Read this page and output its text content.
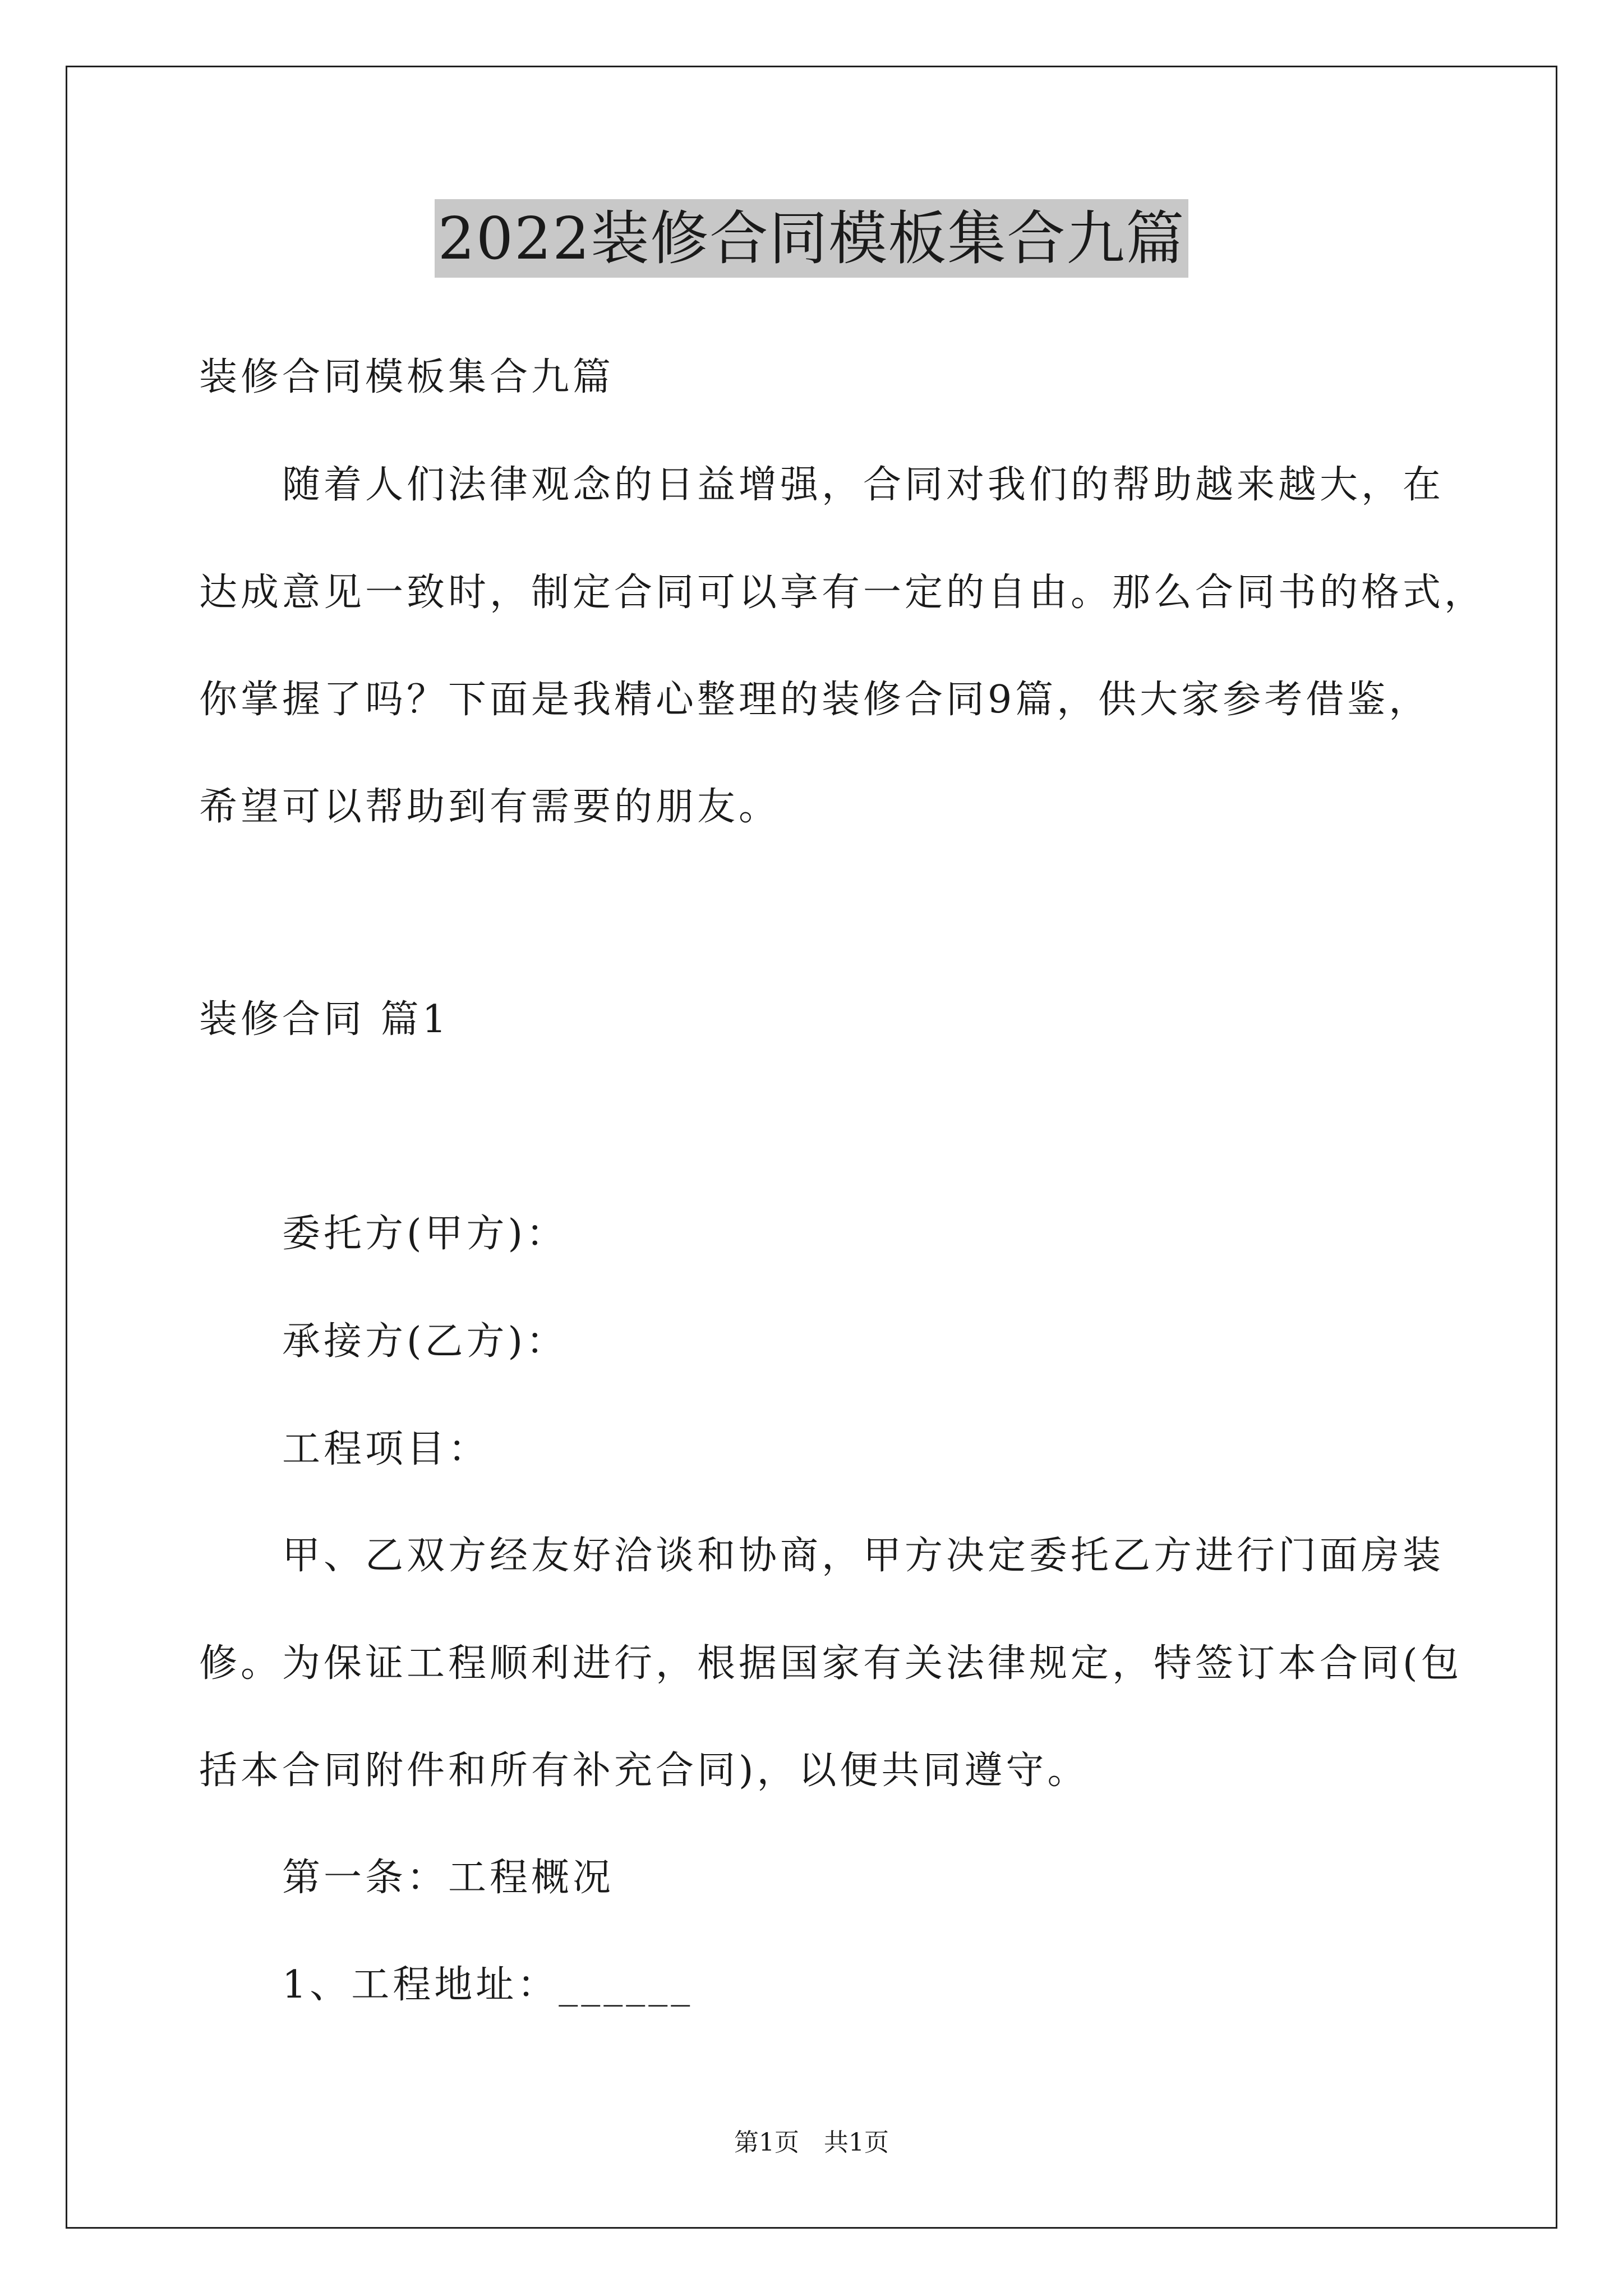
2022装修合同模板集合九篇
装修合同模板集合九篇
随着人们法律观念的日益增强，合同对我们的帮助越来越大，在
达成意见一致时，制定合同可以享有一定的自由。那么合同书的格式，
你掌握了吗？下面是我精心整理的装修合同9篇，供大家参考借鉴，
希望可以帮助到有需要的朋友。
装修合同 篇1
委托方(甲方)：
承接方(乙方)：
工程项目：
甲、乙双方经友好洽谈和协商，甲方决定委托乙方进行门面房装
修。为保证工程顺利进行，根据国家有关法律规定，特签订本合同(包
括本合同附件和所有补充合同)，以便共同遵守。
第一条：工程概况
1、工程地址：______
第1页　共1页
